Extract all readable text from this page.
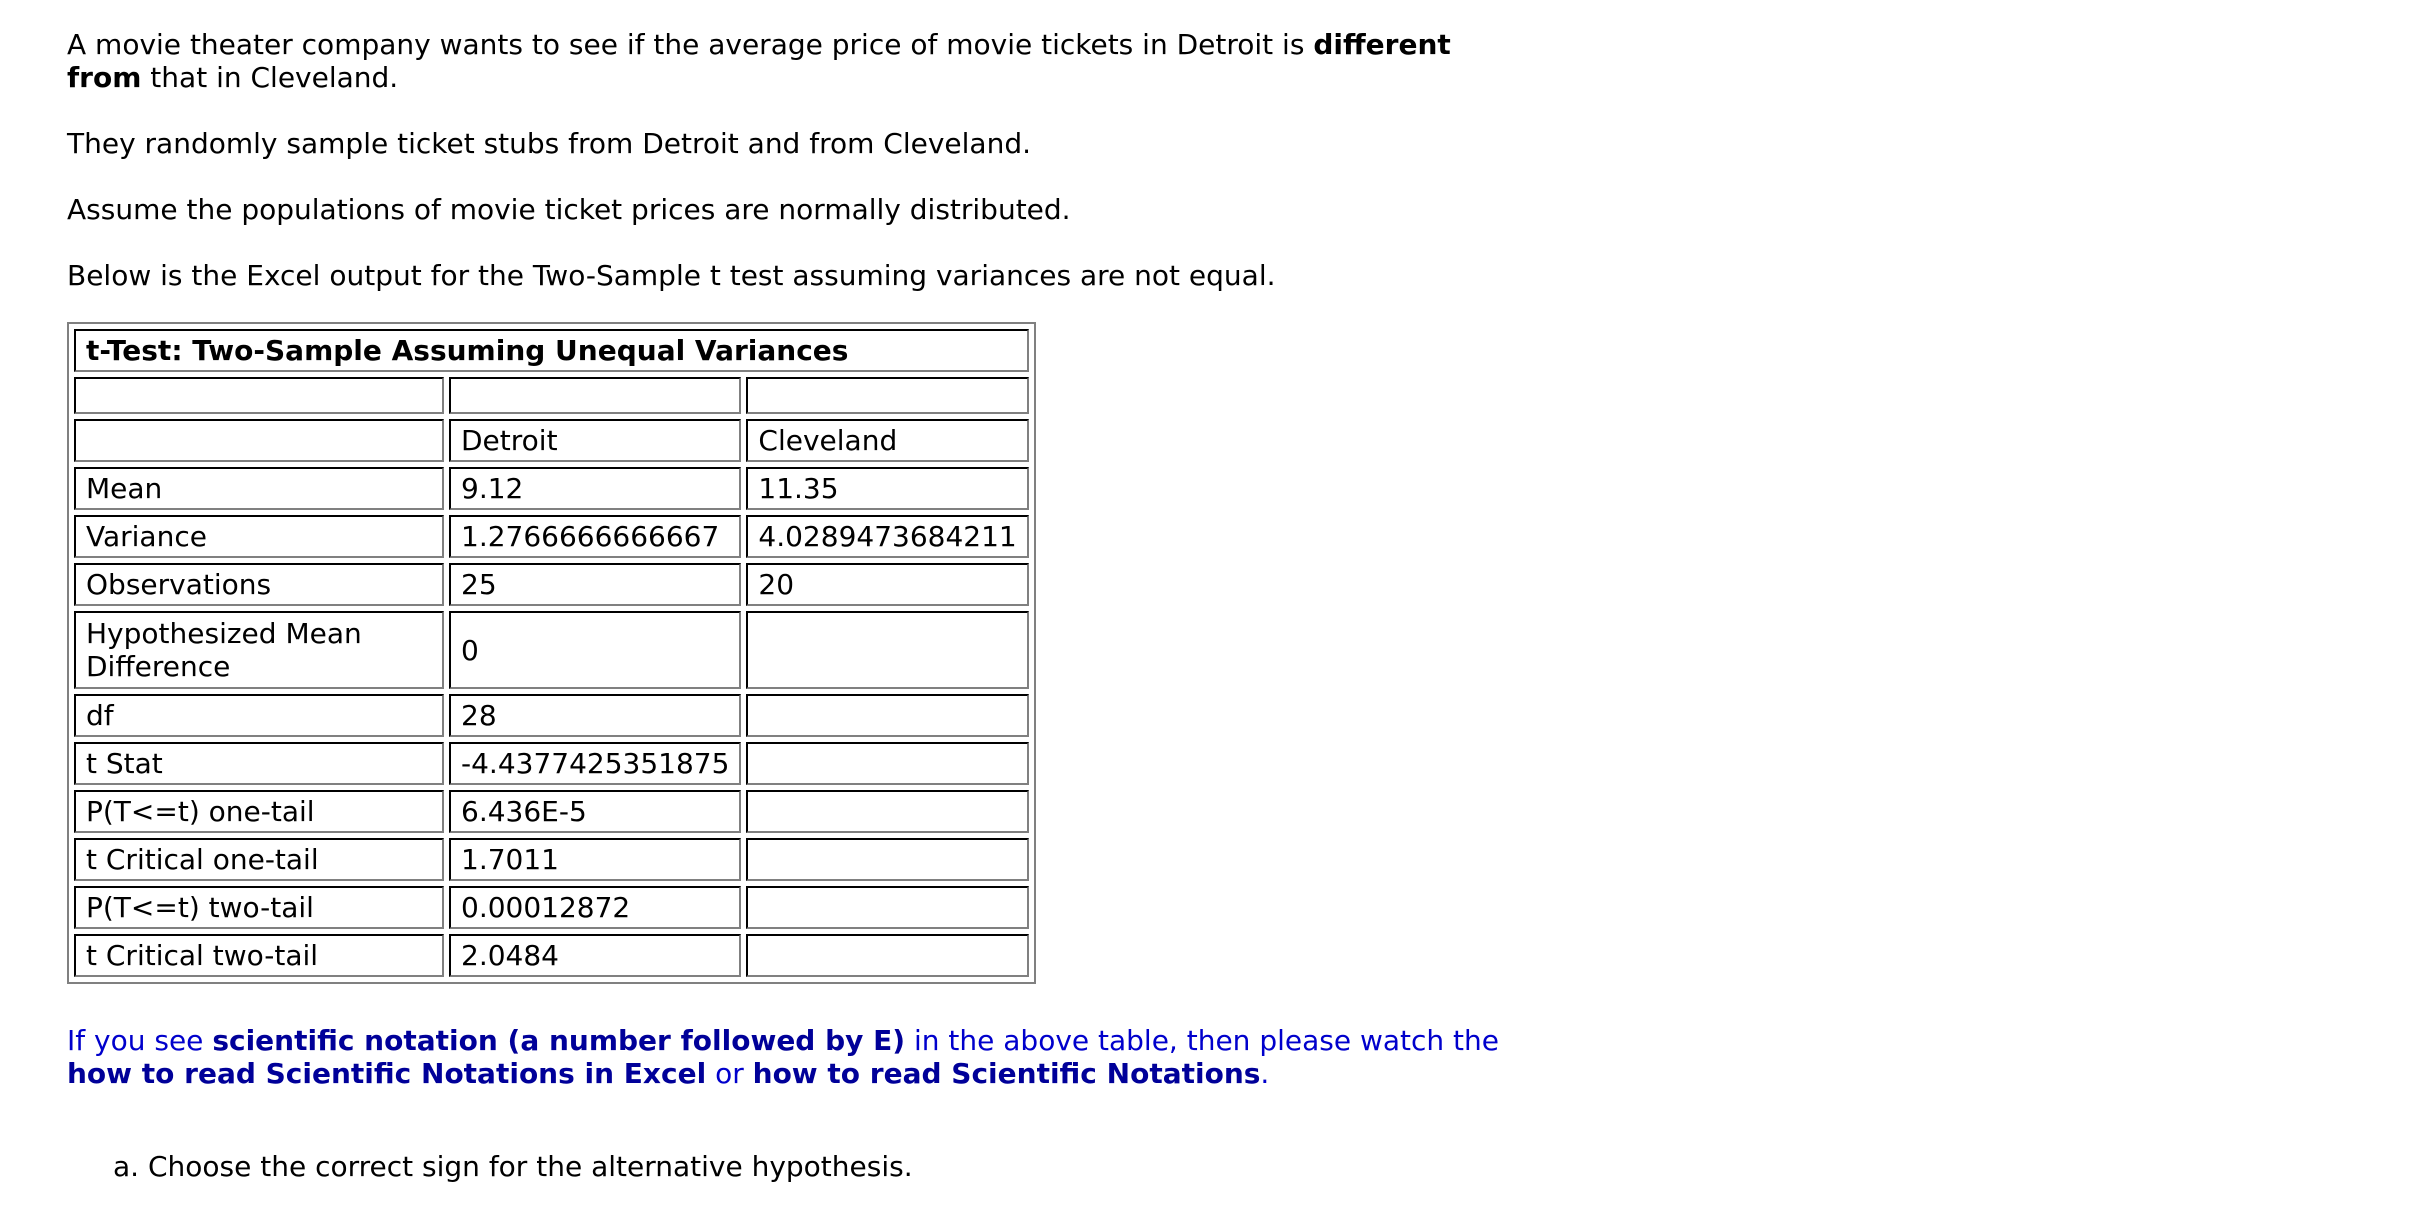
A movie theater company wants to see if the average price of movie tickets in Detroit is different from that in Cleveland.

They randomly sample ticket stubs from Detroit and from Cleveland.

Assume the populations of movie ticket prices are normally distributed.

Below is the Excel output for the Two-Sample t test assuming variances are not equal.

t-Test: Two-Sample Assuming Unequal Variances		

	Detroit	Cleveland
Mean	9.12	11.35
Variance	1.2766666666667	4.0289473684211
Observations	25	20
Hypothesized Mean Difference	0	
df	28	
t Stat	-4.4377425351875	
P(T<=t) one-tail	6.436E-5	
t Critical one-tail	1.7011	
P(T<=t) two-tail	0.00012872	
t Critical two-tail	2.0484	

If you see scientific notation (a number followed by E) in the above table, then please watch the how to read Scientific Notations in Excel or how to read Scientific Notations.

a. Choose the correct sign for the alternative hypothesis.
